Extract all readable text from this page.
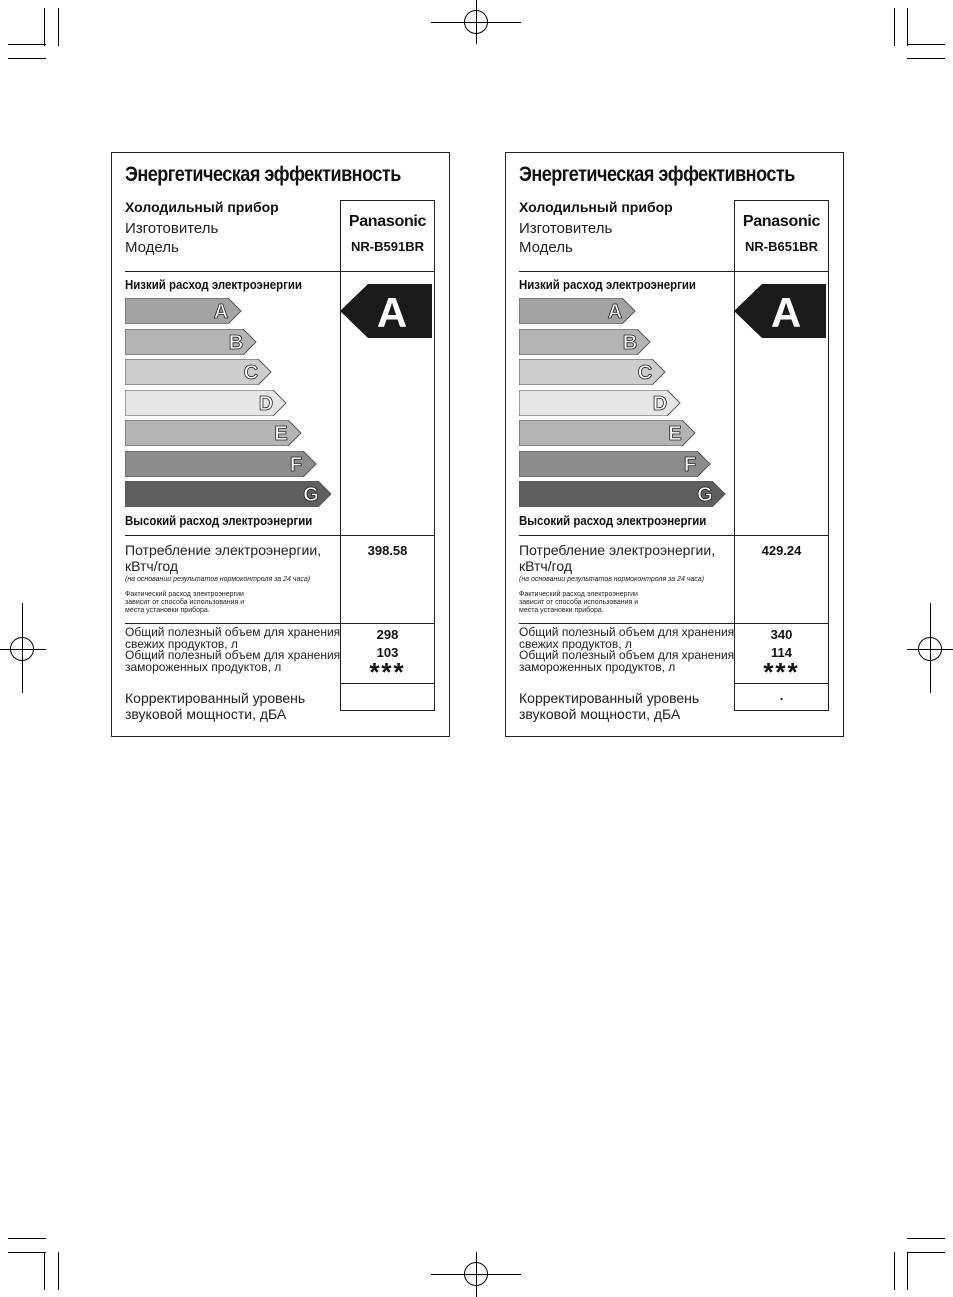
Энергетическая эффективность
Холодильный прибор
Изготовитель
Модель
Panasonic
NR-B591BR
Низкий расход электроэнергии
A
B
C
D
E
F
G
A
Высокий расход электроэнергии
Потребление электроэнергии,
кВтч/год
(на основании результатов нормоконтроля за 24 часа)
Фактический расход электроэнергии
зависит от способа использования и
места установки прибора.
398.58
Общий полезный объем для хранения
свежих продуктов, л
Общий полезный объем для хранения
замороженных продуктов, л
298
103
***
Корректированный уровень
звуковой мощности, дБА
Энергетическая эффективность
Холодильный прибор
Изготовитель
Модель
Panasonic
NR-B651BR
Низкий расход электроэнергии
A
B
C
D
E
F
G
A
Высокий расход электроэнергии
Потребление электроэнергии,
кВтч/год
(на основании результатов нормоконтроля за 24 часа)
Фактический расход электроэнергии
зависит от способа использования и
места установки прибора.
429.24
Общий полезный объем для хранения
свежих продуктов, л
Общий полезный объем для хранения
замороженных продуктов, л
340
114
***
Корректированный уровень
звуковой мощности, дБА
.
